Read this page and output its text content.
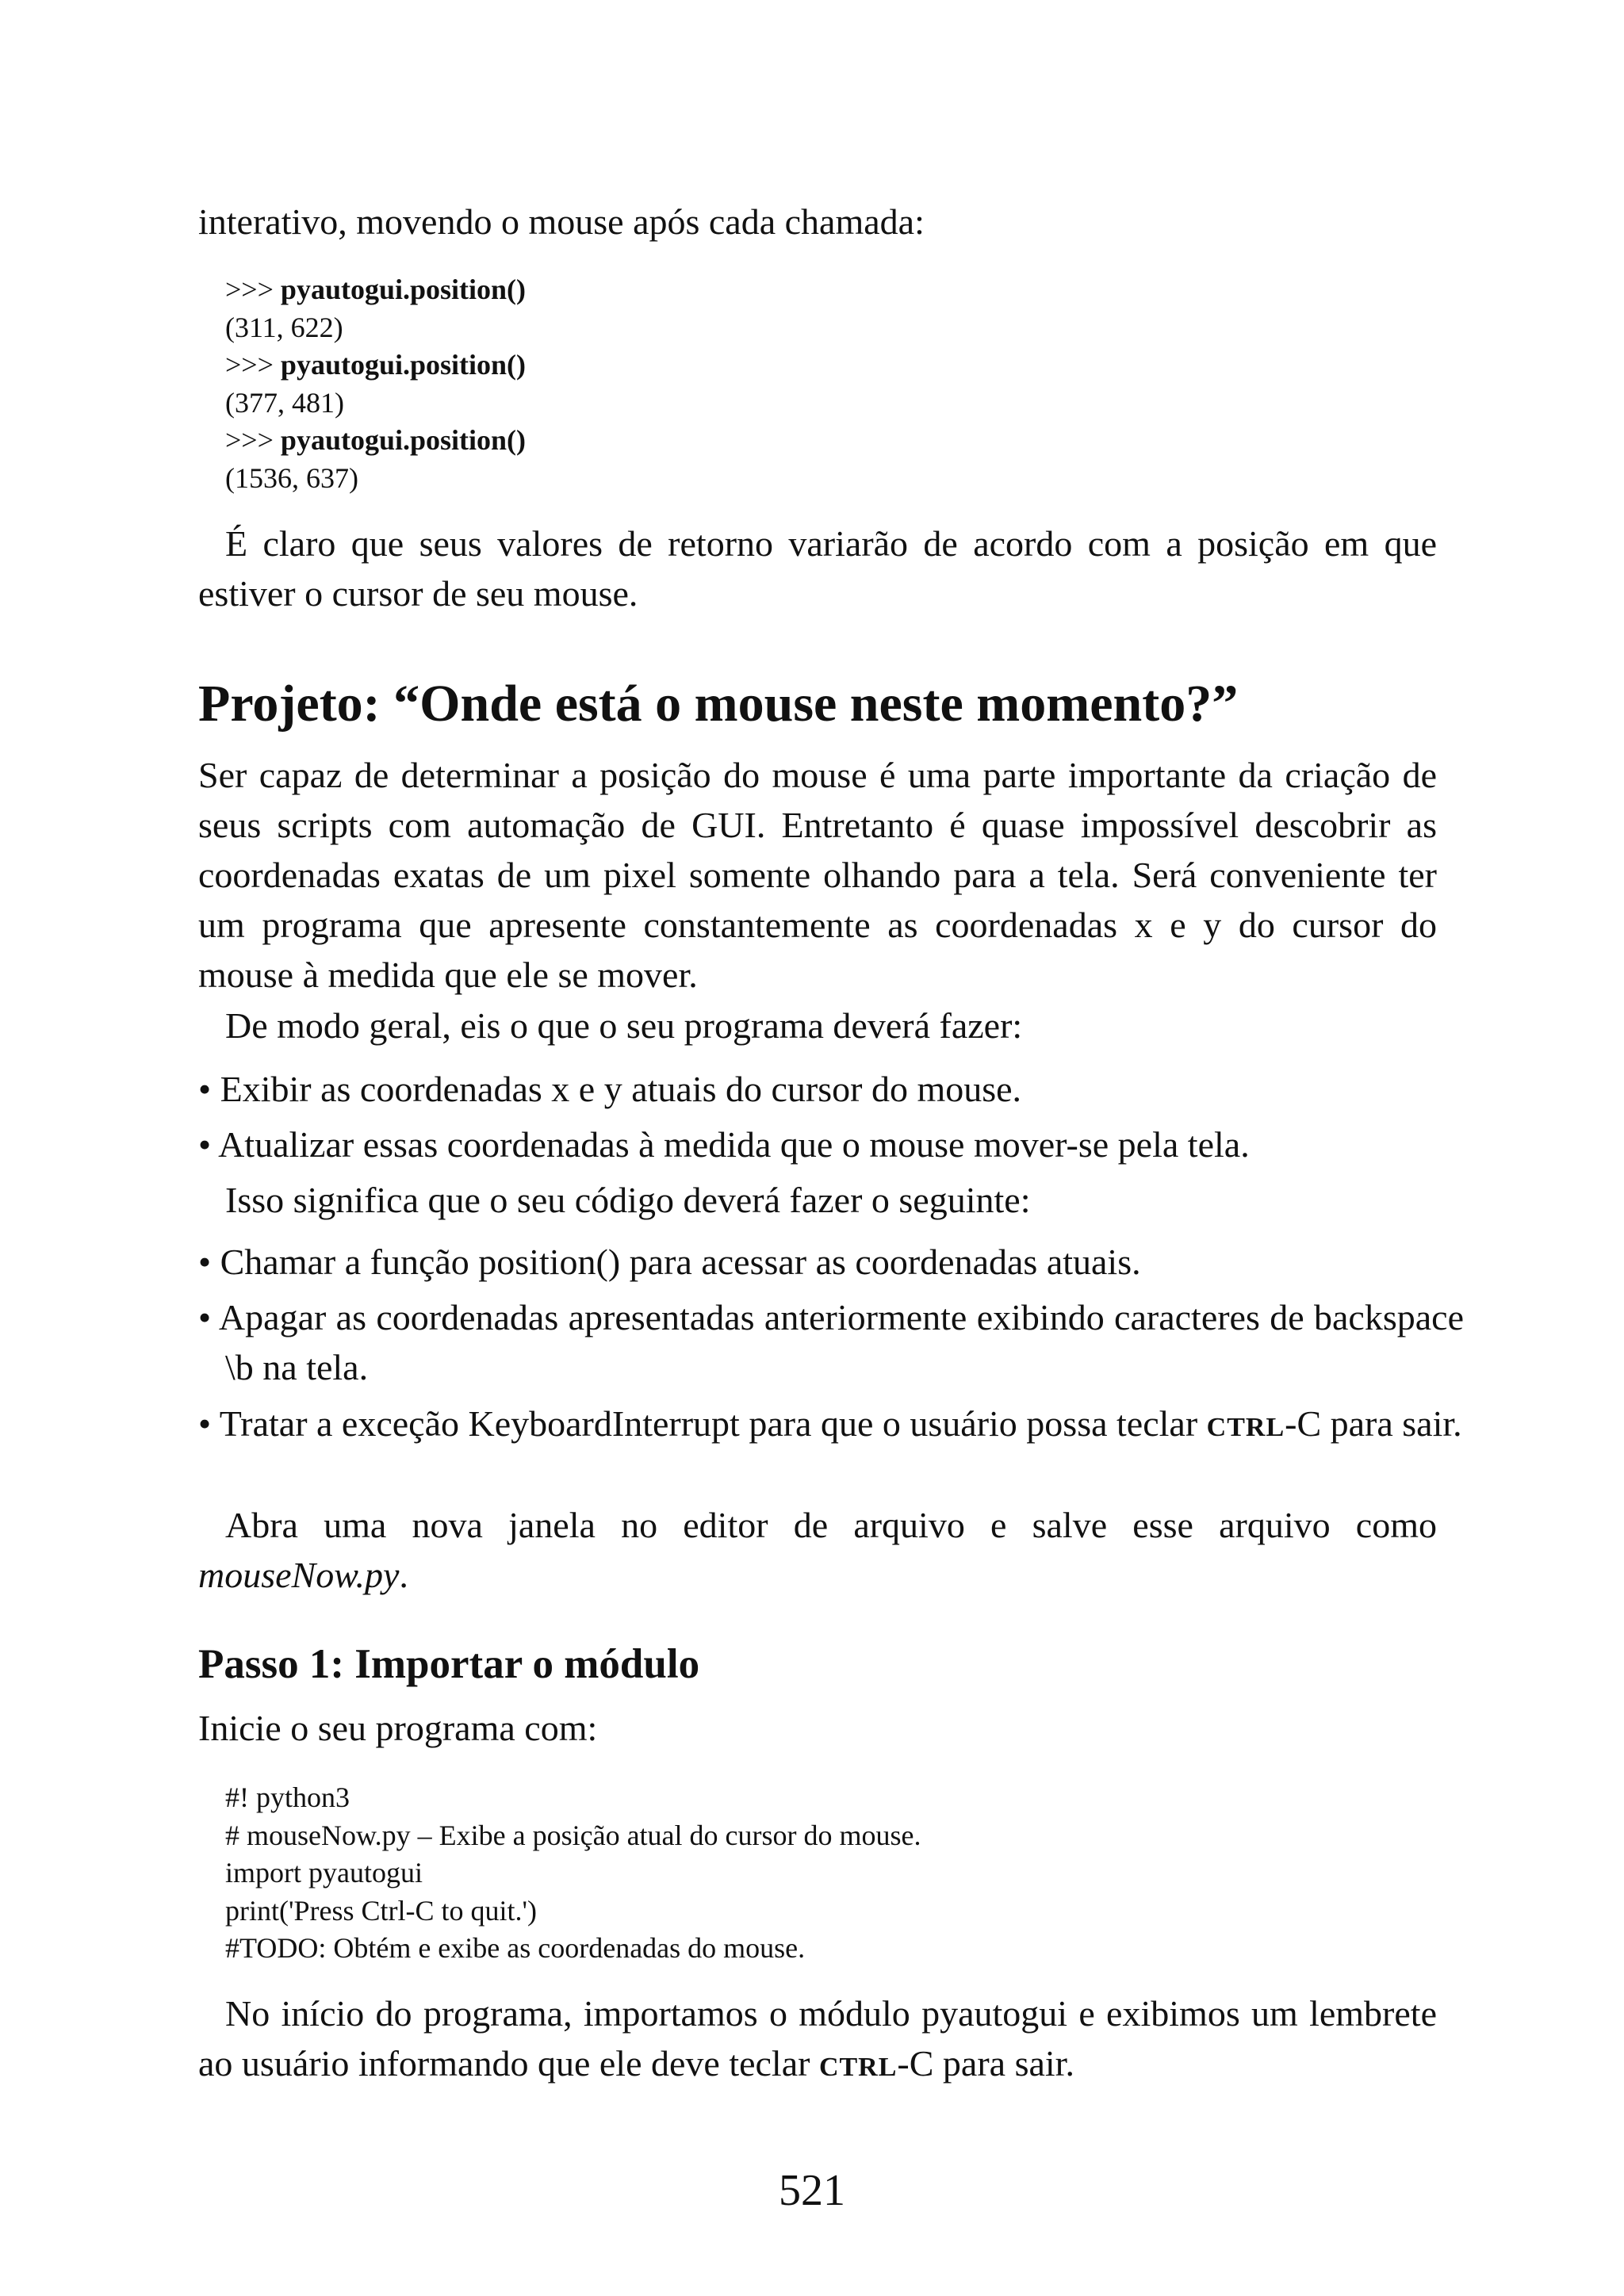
interativo, movendo o mouse após cada chamada:

>>> pyautogui.position()
(311, 622)
>>> pyautogui.position()
(377, 481)
>>> pyautogui.position()
(1536, 637)

É claro que seus valores de retorno variarão de acordo com a posição em que estiver o cursor de seu mouse.

Projeto: “Onde está o mouse neste momento?”

Ser capaz de determinar a posição do mouse é uma parte importante da criação de seus scripts com automação de GUI. Entretanto é quase impossível descobrir as coordenadas exatas de um pixel somente olhando para a tela. Será conveniente ter um programa que apresente constantemente as coordenadas x e y do cursor do mouse à medida que ele se mover.

De modo geral, eis o que o seu programa deverá fazer:

• Exibir as coordenadas x e y atuais do cursor do mouse.

• Atualizar essas coordenadas à medida que o mouse mover-se pela tela.

Isso significa que o seu código deverá fazer o seguinte:

• Chamar a função position() para acessar as coordenadas atuais.

• Apagar as coordenadas apresentadas anteriormente exibindo caracteres de backspace \b na tela.

• Tratar a exceção KeyboardInterrupt para que o usuário possa teclar CTRL-C para sair.

Abra uma nova janela no editor de arquivo e salve esse arquivo como mouseNow.py.

Passo 1: Importar o módulo

Inicie o seu programa com:

#! python3
# mouseNow.py – Exibe a posição atual do cursor do mouse.
import pyautogui
print('Press Ctrl-C to quit.')
#TODO: Obtém e exibe as coordenadas do mouse.

No início do programa, importamos o módulo pyautogui e exibimos um lembrete ao usuário informando que ele deve teclar CTRL-C para sair.

521
